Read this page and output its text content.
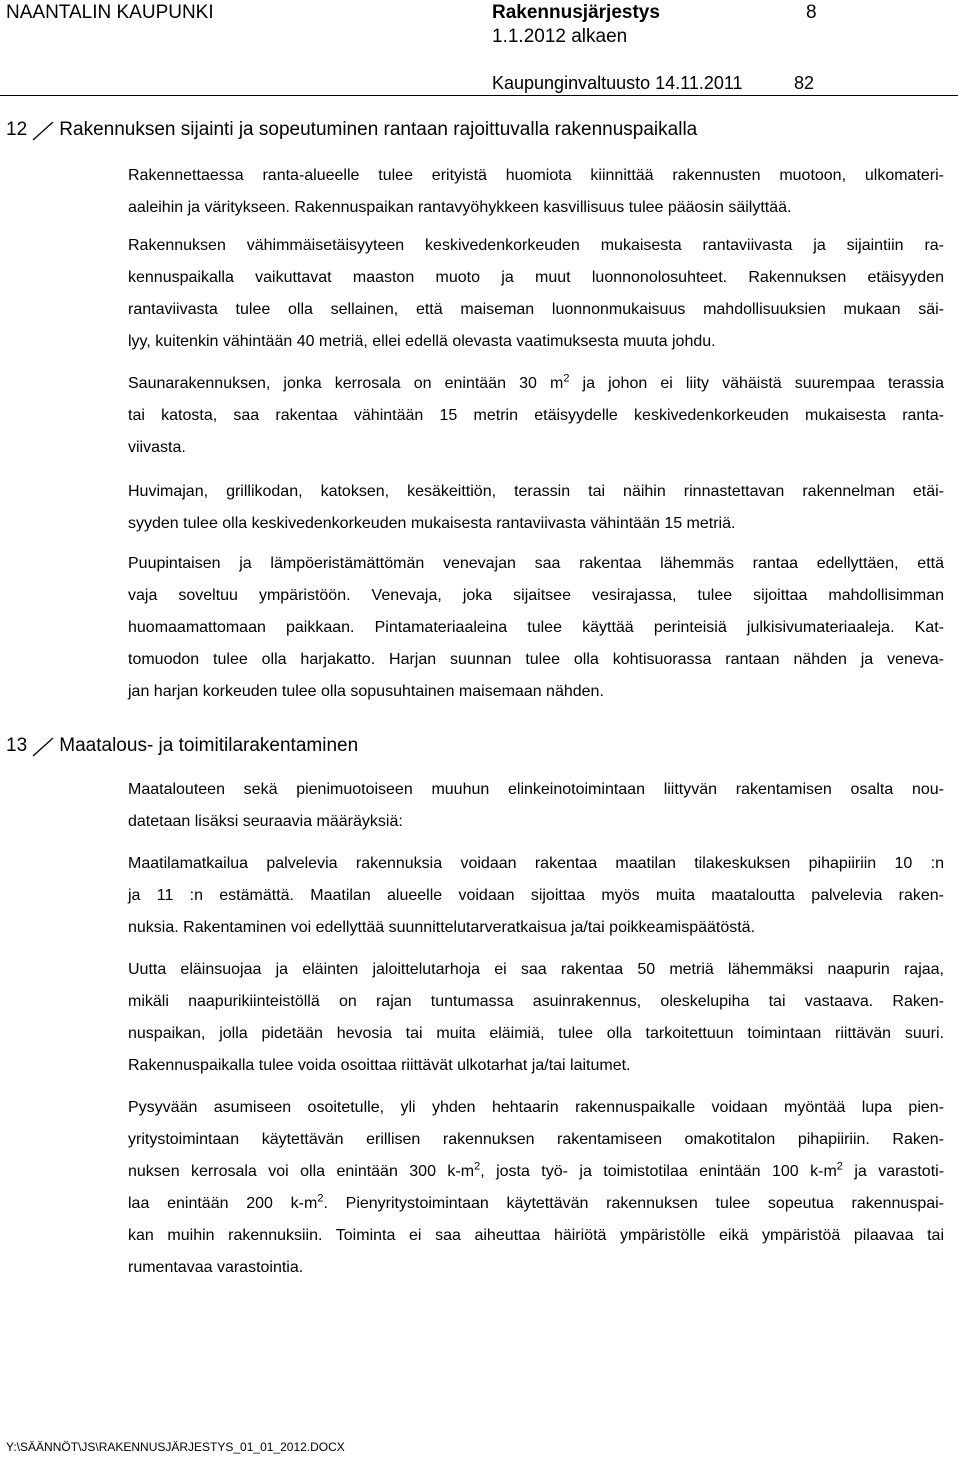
NAANTALIN KAUPUNKI	Rakennusjärjestys	8
1.1.2012 alkaen
Kaupunginvaltuusto 14.11.2011	82
12 Rakennuksen sijainti ja sopeutuminen rantaan rajoittuvalla rakennuspaikalla
Rakennettaessa ranta-alueelle tulee erityistä huomiota kiinnittää rakennusten muotoon, ulkomateri-
aaleihin ja väritykseen. Rakennuspaikan rantavyöhykkeen kasvillisuus tulee pääosin säilyttää.
Rakennuksen vähimmäisetäisyyteen keskivedenkorkeuden mukaisesta rantaviivasta ja sijaintiin ra-
kennuspaikalla vaikuttavat maaston muoto ja muut luonnonolosuhteet. Rakennuksen etäisyyden
rantaviivasta tulee olla sellainen, että maiseman luonnonmukaisuus mahdollisuuksien mukaan säi-
lyy, kuitenkin vähintään 40 metriä, ellei edellä olevasta vaatimuksesta muuta johdu.
Saunarakennuksen, jonka kerrosala on enintään 30 $m^2$ ja johon ei liity vähäistä suurempaa terassia
tai katosta, saa rakentaa vähintään 15 metrin etäisyydelle keskivedenkorkeuden mukaisesta ranta-
viivasta.
Huvimajan, grillikodan, katoksen, kesäkeittiön, terassin tai näihin rinnastettavan rakennelman etäi-
syyden tulee olla keskivedenkorkeuden mukaisesta rantaviivasta vähintään 15 metriä.
Puupintaisen ja lämpöeristämättömän venevajan saa rakentaa lähemmäs rantaa edellyttäen, että
vaja soveltuu ympäristöön. Venevaja, joka sijaitsee vesirajassa, tulee sijoittaa mahdollisimman
huomaamattomaan paikkaan. Pintamateriaaleina tulee käyttää perinteisiä julkisivumateriaaleja. Kat-
tomuodon tulee olla harjakatto. Harjan suunnan tulee olla kohtisuorassa rantaan nähden ja veneva-
jan harjan korkeuden tulee olla sopusuhtainen maisemaan nähden.
13 Maatalous- ja toimitilarakentaminen
Maatalouteen sekä pienimuotoiseen muuhun elinkeinotoimintaan liittyvän rakentamisen osalta nou-
datetaan lisäksi seuraavia määräyksiä:
Maatilamatkailua palvelevia rakennuksia voidaan rakentaa maatilan tilakeskuksen pihapiiriin 10 :n
ja 11 :n estämättä. Maatilan alueelle voidaan sijoittaa myös muita maataloutta palvelevia raken-
nuksia. Rakentaminen voi edellyttää suunnittelutarveratkaisua ja/tai poikkeamispäätöstä.
Uutta eläinsuojaa ja eläinten jaloittelutarhoja ei saa rakentaa 50 metriä lähemmäksi naapurin rajaa,
mikäli naapurikiinteistöllä on rajan tuntumassa asuinrakennus, oleskelupiha tai vastaava. Raken-
nuspaikan, jolla pidetään hevosia tai muita eläimiä, tulee olla tarkoitettuun toimintaan riittävän suuri.
Rakennuspaikalla tulee voida osoittaa riittävät ulkotarhat ja/tai laitumet.
Pysyvään asumiseen osoitetulle, yli yhden hehtaarin rakennuspaikalle voidaan myöntää lupa pien-
yritystoimintaan käytettävän erillisen rakennuksen rakentamiseen omakotitalon pihapiiriin. Raken-
nuksen kerrosala voi olla enintään 300 $k-m^2$, josta työ- ja toimistotilaa enintään 100 $k-m^2$ ja varastoti-
laa enintään 200 $k-m^2$. Pienyritystoimintaan käytettävän rakennuksen tulee sopeutua rakennuspai-
kan muihin rakennuksiin. Toiminta ei saa aiheuttaa häiriötä ympäristölle eikä ympäristöä pilaavaa tai
rumentavaa varastointia.
Y:\SÄÄNNÖT\JS\RAKENNUSJÄRJESTYS_01_01_2012.DOCX
